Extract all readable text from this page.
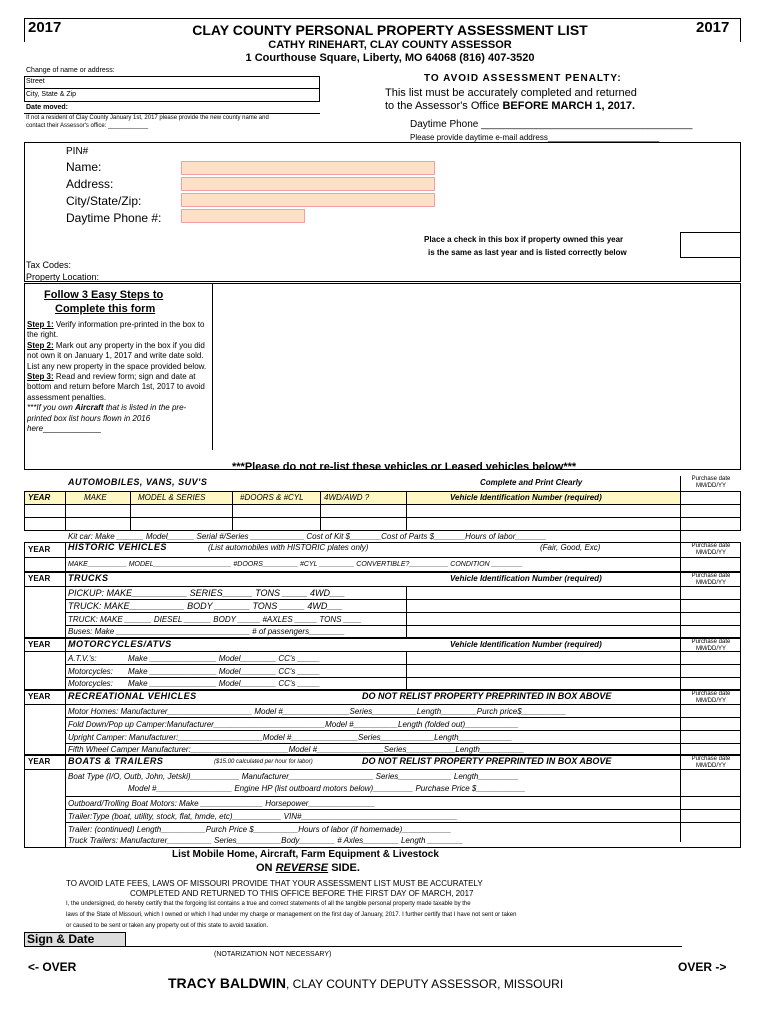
2017	2017
CLAY COUNTY PERSONAL PROPERTY ASSESSMENT LIST
CATHY RINEHART, CLAY COUNTY ASSESSOR
1 Courthouse Square, Liberty, MO 64068 (816) 407-3520
Change of name or address:
Street
City, State & Zip
Date moved:
If not a resident of Clay County January 1st, 2017 please provide the new county name and contact their Assessor's office: ____________
TO AVOID ASSESSMENT PENALTY:
This list must be accurately completed and returned
to the Assessor's Office BEFORE MARCH 1, 2017.
Daytime Phone ______________________________________
Please provide daytime e-mail address_________________________
PIN#
Name:
Address:
City/State/Zip:
Daytime Phone #:
Place a check in this box if property owned this year
is the same as last year and is listed correctly below
Tax Codes:
Property Location:
Follow 3 Easy Steps to
Complete this form
Step 1: Verify information pre-printed in the box to the right.
Step 2: Mark out any property in the box if you did not own it on January 1, 2017 and write date sold. List any new property in the space provided below.
Step 3: Read and review form; sign and date at bottom and return before March 1st, 2017 to avoid assessment penalties.
***If you own Aircraft that is listed in the pre-printed box list hours flown in 2016 here_____________
***Please do not re-list these vehicles or Leased vehicles below***
AUTOMOBILES, VANS, SUV'S	Complete and Print Clearly	Purchase date
MM/DD/YY
YEAR	MAKE	MODEL & SERIES	#DOORS & #CYL	4WD/AWD ?	Vehicle Identification Number (required)
Kit car: Make ______ Model______ Serial #/Series ____________ Cost of Kit $_______Cost of Parts $_______Hours of labor_______
YEAR HISTORIC VEHICLES	(List automobiles with HISTORIC plates only)	(Fair, Good, Exc)	Purchase date
MM/DD/YY
MAKE__________ MODEL____________________ #DOORS_________ #CYL _________ CONVERTIBLE?__________ CONDITION ________
YEAR TRUCKS	Vehicle Identification Number (required)	Purchase date
MM/DD/YY
PICKUP: MAKE___________ SERIES______ TONS _____ 4WD___
TRUCK: MAKE___________ BODY _______ TONS _____ 4WD___
TRUCK: MAKE ______ DIESEL ______ BODY _____ #AXLES _____ TONS ____
Buses: Make ______________________________ # of passengers________
YEAR MOTORCYCLES/ATVS	Vehicle Identification Number (required)	Purchase date
MM/DD/YY
A.T.V.'s:	Make _______________ Model________ CC's _____
Motorcycles: Make _______________ Model________ CC's _____
Motorcycles: Make _______________ Model________ CC's _____
YEAR RECREATIONAL VEHICLES	DO NOT RELIST PROPERTY PREPRINTED IN BOX ABOVE	Purchase date
MM/DD/YY
Motor Homes: Manufacturer___________________ Model #_______________Series__________Length________Purch price$__________
Fold Down/Pop up Camper:Manufacturer_________________________Model #__________Length (folded out)____________
Upright Camper: Manufacturer:___________________Model #_______________Series____________Length____________
Fifth Wheel Camper Manufacturer:______________________Model #_______________Series___________Length__________
YEAR BOATS & TRAILERS	($15.00 calculated per hour for labor)	DO NOT RELIST PROPERTY PREPRINTED IN BOX ABOVE	Purchase date
MM/DD/YY
Boat Type (I/O, Outb, John, Jetski)___________ Manufacturer___________________ Series____________ Length_________
Model #_________________ Engine HP (list outboard motors below)_________ Purchase Price $___________
Outboard/Trolling Boat Motors: Make ______________ Horsepower_______________
Trailer:Type (boat, utility, stock, flat, hmde, etc)___________ VIN#___________________________________
Trailer: (continued) Length__________Purch Price $__________Hours of labor (if homemade)___________
Truck Trailers: Manufacturer__________ Series__________Body________ # Axles________ Length ________
List Mobile Home, Aircraft, Farm Equipment & Livestock
ON REVERSE SIDE.
TO AVOID LATE FEES, LAWS OF MISSOURI PROVIDE THAT YOUR ASSESSMENT LIST MUST BE ACCURATELY
COMPLETED AND RETURNED TO THIS OFFICE BEFORE THE FIRST DAY OF MARCH, 2017
I, the undersigned, do hereby certify that the forgoing list contains a true and correct statements of all the tangible personal property made taxable by the
laws of the State of Missouri, which I owned or which I had under my charge or management on the first day of January, 2017. I further certify that I have not sent or taken
or caused to be sent or taken any property out of this state to avoid taxation.
Sign & Date
(NOTARIZATION NOT NECESSARY)
<- OVER	OVER ->
TRACY BALDWIN, CLAY COUNTY DEPUTY ASSESSOR, MISSOURI
